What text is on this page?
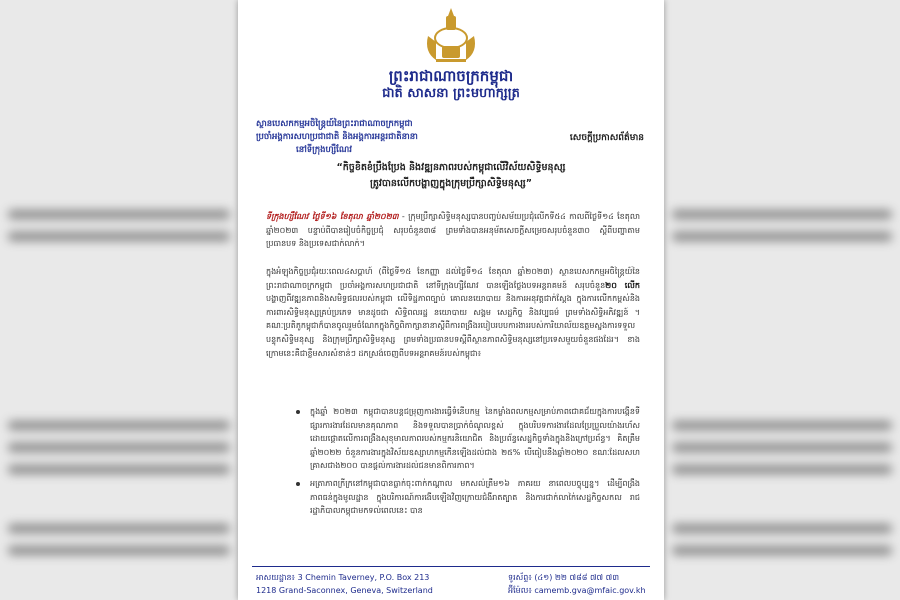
ព្រះរាជាណាចក្រកម្ពុជា
ជាតិ សាសនា ព្រះមហាក្សត្រ
ស្ថានបេសកកម្មអចិន្ត្រៃយ៍នៃព្រះរាជាណាចក្រកម្ពុជា
ប្រចាំអង្គការសហប្រជាជាតិ និងអង្គការអន្តរជាតិនានា
នៅទីក្រុងហ្សឺណែវ
សេចក្តីប្រកាសព័ត៌មាន
“កិច្ចខិតខំប្រឹងប្រែង និងវឌ្ឍនភាពរបស់កម្ពុជាលើវិស័យសិទ្ធិមនុស្ស
ត្រូវបានលើកបង្ហាញក្នុងក្រុមប្រឹក្សាសិទ្ធិមនុស្ស”
ទីក្រុងហ្សឺណែវ ថ្ងៃទី១៦ ខែតុលា ឆ្នាំ២០២៣ - ក្រុមប្រឹក្សាសិទ្ធិមនុស្សបានបញ្ចប់សម័យប្រជុំលើកទី៥៤ កាលពីថ្ងៃទី១៤ ខែតុលា ឆ្នាំ២០២៣ បន្ទាប់ពីបានរៀបចំកិច្ចប្រជុំ សរុបចំនួន៣៨ ព្រមទាំងបានអនុម័តសេចក្តីសម្រេចសរុបចំនួន៣០ ស្តីពីបញ្ហាតាមប្រធានបទ និងប្រទេសជាក់លាក់។
ក្នុងអំឡុងកិច្ចប្រជុំរយៈពេល៤សប្តាហ៍ (ពីថ្ងៃទី១៥ ខែកញ្ញា ដល់ថ្ងៃទី១៤ ខែតុលា ឆ្នាំ២០២៣) ស្ថានបេសកកម្មអចិន្ត្រៃយ៍នៃព្រះរាជាណាចក្រកម្ពុជា ប្រចាំអង្គការសហប្រជាជាតិ នៅទីក្រុងហ្សឺណែវ បានឡើងថ្លែងបទអន្តរាគមន៍ សរុបចំនួន២០ លើក បង្ហាញពីវឌ្ឍនភាពនិងសមិទ្ធផលរបស់កម្ពុជា លើទិដ្ឋភាពច្បាប់ គោលនយោបាយ និងការអនុវត្តជាក់ស្តែង ក្នុងការលើកកម្ពស់និងការពារសិទ្ធិមនុស្សគ្រប់ប្រភេទ មានដូចជា សិទ្ធិពលរដ្ឋ នយោបាយ សង្គម សេដ្ឋកិច្ច និងវប្បធម៌ ព្រមទាំងសិទ្ធិអភិវឌ្ឍន៍ ។ គណៈប្រតិភូកម្ពុជាក៏បានចូលរួមចំណែកក្នុងកិច្ចពិភាក្សានានាស្តីពីការពង្រឹងរបៀបរបបការងាររបស់ការិយាល័យឧត្តមស្នងការទទួលបន្ទុកសិទ្ធិមនុស្ស និងក្រុមប្រឹក្សាសិទ្ធិមនុស្ស ព្រមទាំងប្រធានបទស្តីពីស្ថានភាពសិទ្ធិមនុស្សនៅប្រទេសមួយចំនួនផងដែរ។ ខាងក្រោមនេះគឺជាខ្លឹមសារសំខាន់ៗ ដកស្រង់ចេញពីបទអន្តរាគមន៍របស់កម្ពុជា៖
ក្នុងឆ្នាំ ២០២៣ កម្ពុជាបានបន្តជម្រុញការងារធ្វើទំនើបកម្ម នៃកម្លាំងពលកម្មសម្រាប់ភាពជោគជ័យក្នុងការបង្កើនទីផ្សារការងារដែលមានគុណភាព និងទទួលបានប្រាក់ចំណូលខ្ពស់ ក្នុងបរិបទការងារដែលប្រែប្រួលយ៉ាងរហ័ស ដោយផ្តោតលើការពង្រឹងសុខុមាលភាពរបស់កម្មករនិយោជិត និងប្រព័ន្ធសេដ្ឋកិច្ចទាំងក្នុងនិងក្រៅប្រព័ន្ធ។ គិតត្រឹមឆ្នាំ២០២២ ចំនួនការងារក្នុងវិស័យឧស្សាហកម្មកើនឡើងដល់ជាង ២៥% បើធៀបនឹងឆ្នាំ២០២០ ខណៈដែលសហគ្រាសជាង២០០ បានផ្តល់ការងារដល់ជនមានពិការភាព។
អត្រាភាពក្រីក្រនៅកម្ពុជាបានធ្លាក់ចុះពាក់កណ្តាល មកសល់ត្រឹម១៦ ភាគរយ នាពេលបច្ចុប្បន្ន។ ដើម្បីពង្រឹងភាពធន់ក្នុងមូលដ្ឋាន ក្នុងបរិការណ៍ការងើបឡើងវិញក្រោយជំងឺរាតត្បាត និងការជាក់លាក់ៃសេដ្ឋកិច្ចសកល រាជរដ្ឋាភិបាលកម្ពុជាមកទល់ពេលនេះ បាន
អាសយដ្ឋាន៖ 3 Chemin Taverney, P.O. Box 213
1218 Grand-Saconnex, Geneva, Switzerland
ទូរស័ព្ទ៖ (៤១) ២២ ៧៨៨ ៧៧ ៧៣
អ៊ីម៉ែល៖ camemb.gva@mfaic.gov.kh
